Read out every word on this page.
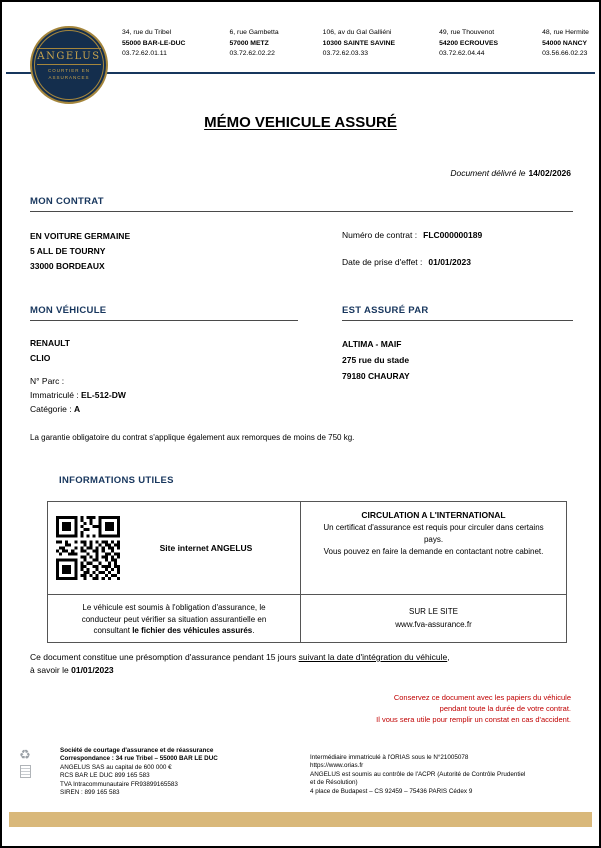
ANGELUS
COURTIER EN ASSURANCES
34, rue du Tribel
55000 BAR-LE-DUC
03.72.62.01.11
6, rue Gambetta
57000 METZ
03.72.62.02.22
106, av du Gal Galliéni
10300 SAINTE SAVINE
03.72.62.03.33
49, rue Thouvenot
54200 ECROUVES
03.72.62.04.44
48, rue Hermite
54000 NANCY
03.56.66.02.23
MÉMO VEHICULE ASSURÉ
Document délivré le 14/02/2026
MON CONTRAT
EN VOITURE GERMAINE
5 ALL DE TOURNY
33000 BORDEAUX
Numéro de contrat : FLC000000189
Date de prise d'effet : 01/01/2023
MON VÉHICULE	EST ASSURÉ PAR
RENAULT
CLIO
ALTIMA - MAIF
275 rue du stade
79180 CHAURAY
N° Parc :
Immatriculé : EL-512-DW
Catégorie : A
La garantie obligatoire du contrat s'applique également aux remorques de moins de 750 kg.
INFORMATIONS UTILES
Site internet ANGELUS
CIRCULATION A L'INTERNATIONAL
Un certificat d'assurance est requis pour circuler dans certains pays.
Vous pouvez en faire la demande en contactant notre cabinet.
Le véhicule est soumis à l'obligation d'assurance, le conducteur peut vérifier sa situation assurantielle en consultant le fichier des véhicules assurés.
SUR LE SITE
www.fva-assurance.fr
Ce document constitue une présomption d'assurance pendant 15 jours suivant la date d'intégration du véhicule,
à savoir le 01/01/2023
Conservez ce document avec les papiers du véhicule
pendant toute la durée de votre contrat.
Il vous sera utile pour remplir un constat en cas d'accident.
♻	Société de courtage d'assurance et de réassurance
Correspondance : 34 rue Tribel – 55000 BAR LE DUC
ANGELUS SAS au capital de 600 000 €
RCS BAR LE DUC 899 165 583
TVA Intracommunautaire FR93899165583
SIREN : 899 165 583
Intermédiaire immatriculé à l'ORIAS sous le N°21005078
https://www.orias.fr
ANGELUS est soumis au contrôle de l'ACPR (Autorité de Contrôle Prudentiel
et de Résolution)
4 place de Budapest – CS 92459 – 75436 PARIS Cédex 9
